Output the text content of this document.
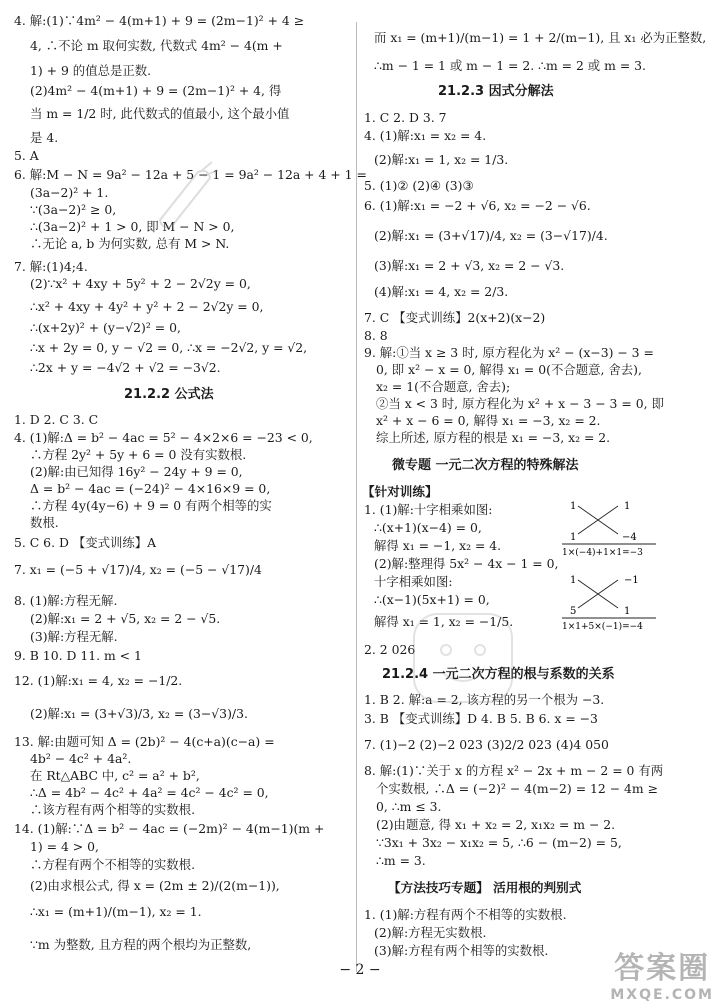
4. 解:(1)∵4m² − 4(m+1) + 9 = (2m−1)² + 4 ≥
4, ∴不论 m 取何实数, 代数式 4m² − 4(m +
1) + 9 的值总是正数.
(2)4m² − 4(m+1) + 9 = (2m−1)² + 4, 得
当 m = 1/2 时, 此代数式的值最小, 这个最小值
是 4.
5. A
6. 解:M − N = 9a² − 12a + 5 − 1 = 9a² − 12a + 4 + 1 =
(3a−2)² + 1.
∵(3a−2)² ≥ 0,
∴(3a−2)² + 1 > 0, 即 M − N > 0,
∴无论 a, b 为何实数, 总有 M > N.
7. 解:(1)4;4.
(2)∵x² + 4xy + 5y² + 2 − 2√2y = 0,
∴x² + 4xy + 4y² + y² + 2 − 2√2y = 0,
∴(x+2y)² + (y−√2)² = 0,
∴x + 2y = 0, y − √2 = 0, ∴x = −2√2, y = √2,
∴2x + y = −4√2 + √2 = −3√2.
21.2.2 公式法
1. D 2. C 3. C
4. (1)解:Δ = b² − 4ac = 5² − 4×2×6 = −23 < 0,
∴方程 2y² + 5y + 6 = 0 没有实数根.
(2)解:由已知得 16y² − 24y + 9 = 0,
Δ = b² − 4ac = (−24)² − 4×16×9 = 0,
∴方程 4y(4y−6) + 9 = 0 有两个相等的实
数根.
5. C 6. D 【变式训练】A
7. x₁ = (−5 + √17)/4, x₂ = (−5 − √17)/4
8. (1)解:方程无解.
(2)解:x₁ = 2 + √5, x₂ = 2 − √5.
(3)解:方程无解.
9. B 10. D 11. m < 1
12. (1)解:x₁ = 4, x₂ = −1/2.
(2)解:x₁ = (3+√3)/3, x₂ = (3−√3)/3.
13. 解:由题可知 Δ = (2b)² − 4(c+a)(c−a) =
4b² − 4c² + 4a².
在 Rt△ABC 中, c² = a² + b²,
∴Δ = 4b² − 4c² + 4a² = 4c² − 4c² = 0,
∴该方程有两个相等的实数根.
14. (1)解:∵Δ = b² − 4ac = (−2m)² − 4(m−1)(m +
1) = 4 > 0,
∴方程有两个不相等的实数根.
(2)由求根公式, 得 x = (2m ± 2)/(2(m−1)),
∴x₁ = (m+1)/(m−1), x₂ = 1.
∵m 为整数, 且方程的两个根均为正整数,
而 x₁ = (m+1)/(m−1) = 1 + 2/(m−1), 且 x₁ 必为正整数,
∴m − 1 = 1 或 m − 1 = 2. ∴m = 2 或 m = 3.
21.2.3 因式分解法
1. C 2. D 3. 7
4. (1)解:x₁ = x₂ = 4.
(2)解:x₁ = 1, x₂ = 1/3.
5. (1)② (2)④ (3)③
6. (1)解:x₁ = −2 + √6, x₂ = −2 − √6.
(2)解:x₁ = (3+√17)/4, x₂ = (3−√17)/4.
(3)解:x₁ = 2 + √3, x₂ = 2 − √3.
(4)解:x₁ = 4, x₂ = 2/3.
7. C 【变式训练】2(x+2)(x−2)
8. 8
9. 解:①当 x ≥ 3 时, 原方程化为 x² − (x−3) − 3 =
0, 即 x² − x = 0, 解得 x₁ = 0(不合题意, 舍去),
x₂ = 1(不合题意, 舍去);
②当 x < 3 时, 原方程化为 x² + x − 3 − 3 = 0, 即
x² + x − 6 = 0, 解得 x₁ = −3, x₂ = 2.
综上所述, 原方程的根是 x₁ = −3, x₂ = 2.
微专题 一元二次方程的特殊解法
【针对训练】
1. (1)解:十字相乘如图:
∴(x+1)(x−4) = 0,
解得 x₁ = −1, x₂ = 4.
(2)解:整理得 5x² − 4x − 1 = 0,
十字相乘如图:
∴(x−1)(5x+1) = 0,
解得 x₁ = 1, x₂ = −1/5.
2. 2 026
21.2.4 一元二次方程的根与系数的关系
1. B 2. 解:a = 2, 该方程的另一个根为 −3.
3. B 【变式训练】D 4. B 5. B 6. x = −3
7. (1)−2 (2)−2 023 (3)2/2 023 (4)4 050
8. 解:(1)∵关于 x 的方程 x² − 2x + m − 2 = 0 有两
个实数根, ∴Δ = (−2)² − 4(m−2) = 12 − 4m ≥
0, ∴m ≤ 3.
(2)由题意, 得 x₁ + x₂ = 2, x₁x₂ = m − 2.
∵3x₁ + 3x₂ − x₁x₂ = 5, ∴6 − (m−2) = 5,
∴m = 3.
【方法技巧专题】 活用根的判别式
1. (1)解:方程有两个不相等的实数根.
(2)解:方程无实数根.
(3)解:方程有两个相等的实数根.
1	1
1	−4
1×(−4)+1×1=−3
1	−1
5	1
1×1+5×(−1)=−4
− 2 −	答案圈
MXQE.COM
